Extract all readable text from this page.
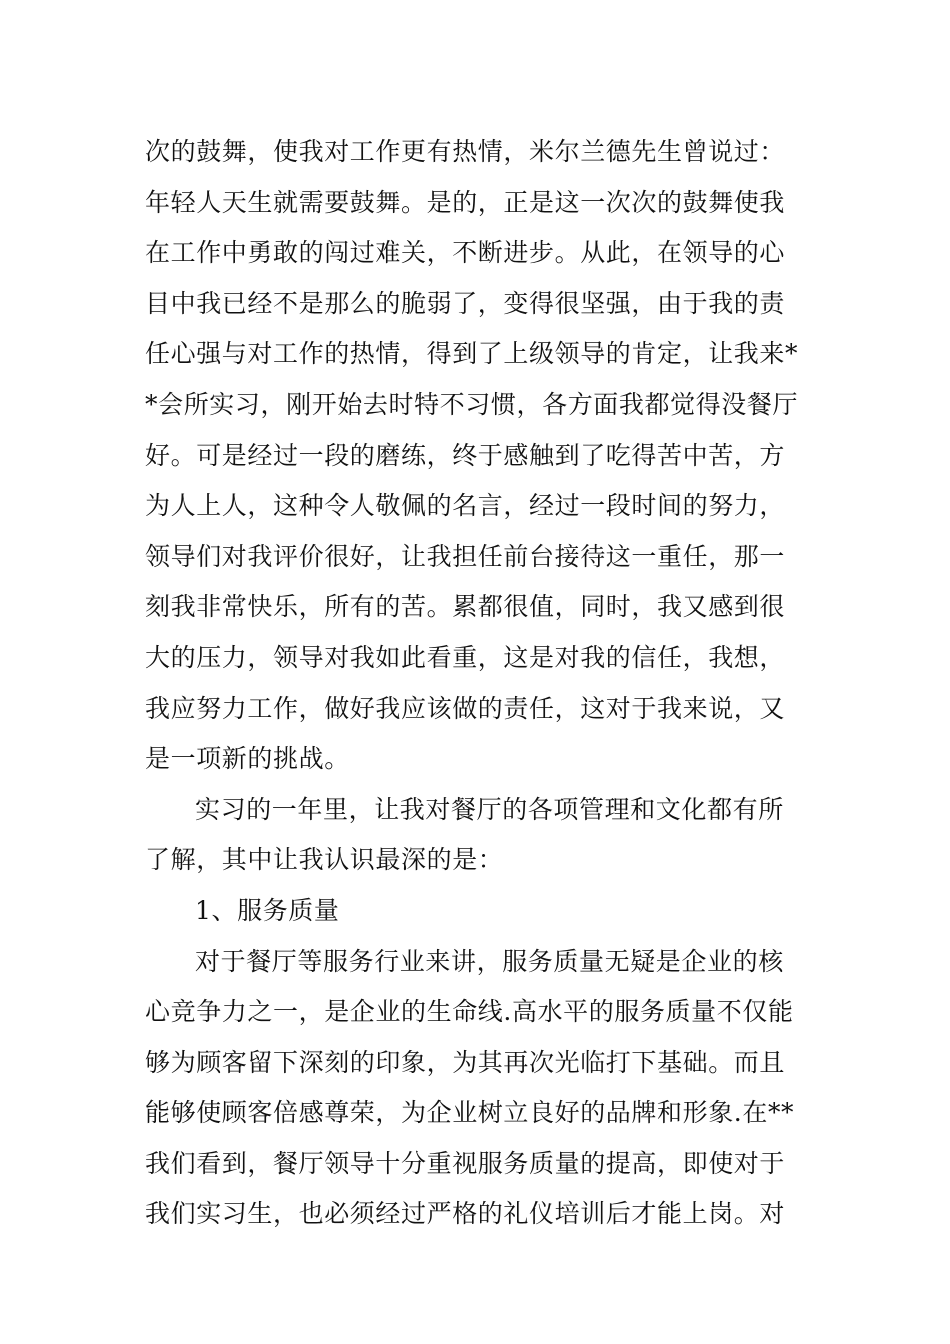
次的鼓舞，使我对工作更有热情，米尔兰德先生曾说过：
年轻人天生就需要鼓舞。是的，正是这一次次的鼓舞使我
在工作中勇敢的闯过难关，不断进步。从此，在领导的心
目中我已经不是那么的脆弱了，变得很坚强，由于我的责
任心强与对工作的热情，得到了上级领导的肯定，让我来*
*会所实习，刚开始去时特不习惯，各方面我都觉得没餐厅
好。可是经过一段的磨练，终于感触到了吃得苦中苦，方
为人上人，这种令人敬佩的名言，经过一段时间的努力，
领导们对我评价很好，让我担任前台接待这一重任，那一
刻我非常快乐，所有的苦。累都很值，同时，我又感到很
大的压力，领导对我如此看重，这是对我的信任，我想，
我应努力工作，做好我应该做的责任，这对于我来说，又
是一项新的挑战。
实习的一年里，让我对餐厅的各项管理和文化都有所
了解，其中让我认识最深的是：
1、服务质量
对于餐厅等服务行业来讲，服务质量无疑是企业的核
心竞争力之一，是企业的生命线.高水平的服务质量不仅能
够为顾客留下深刻的印象，为其再次光临打下基础。而且
能够使顾客倍感尊荣，为企业树立良好的品牌和形象.在**
我们看到，餐厅领导十分重视服务质量的提高，即使对于
我们实习生，也必须经过严格的礼仪培训后才能上岗。对
